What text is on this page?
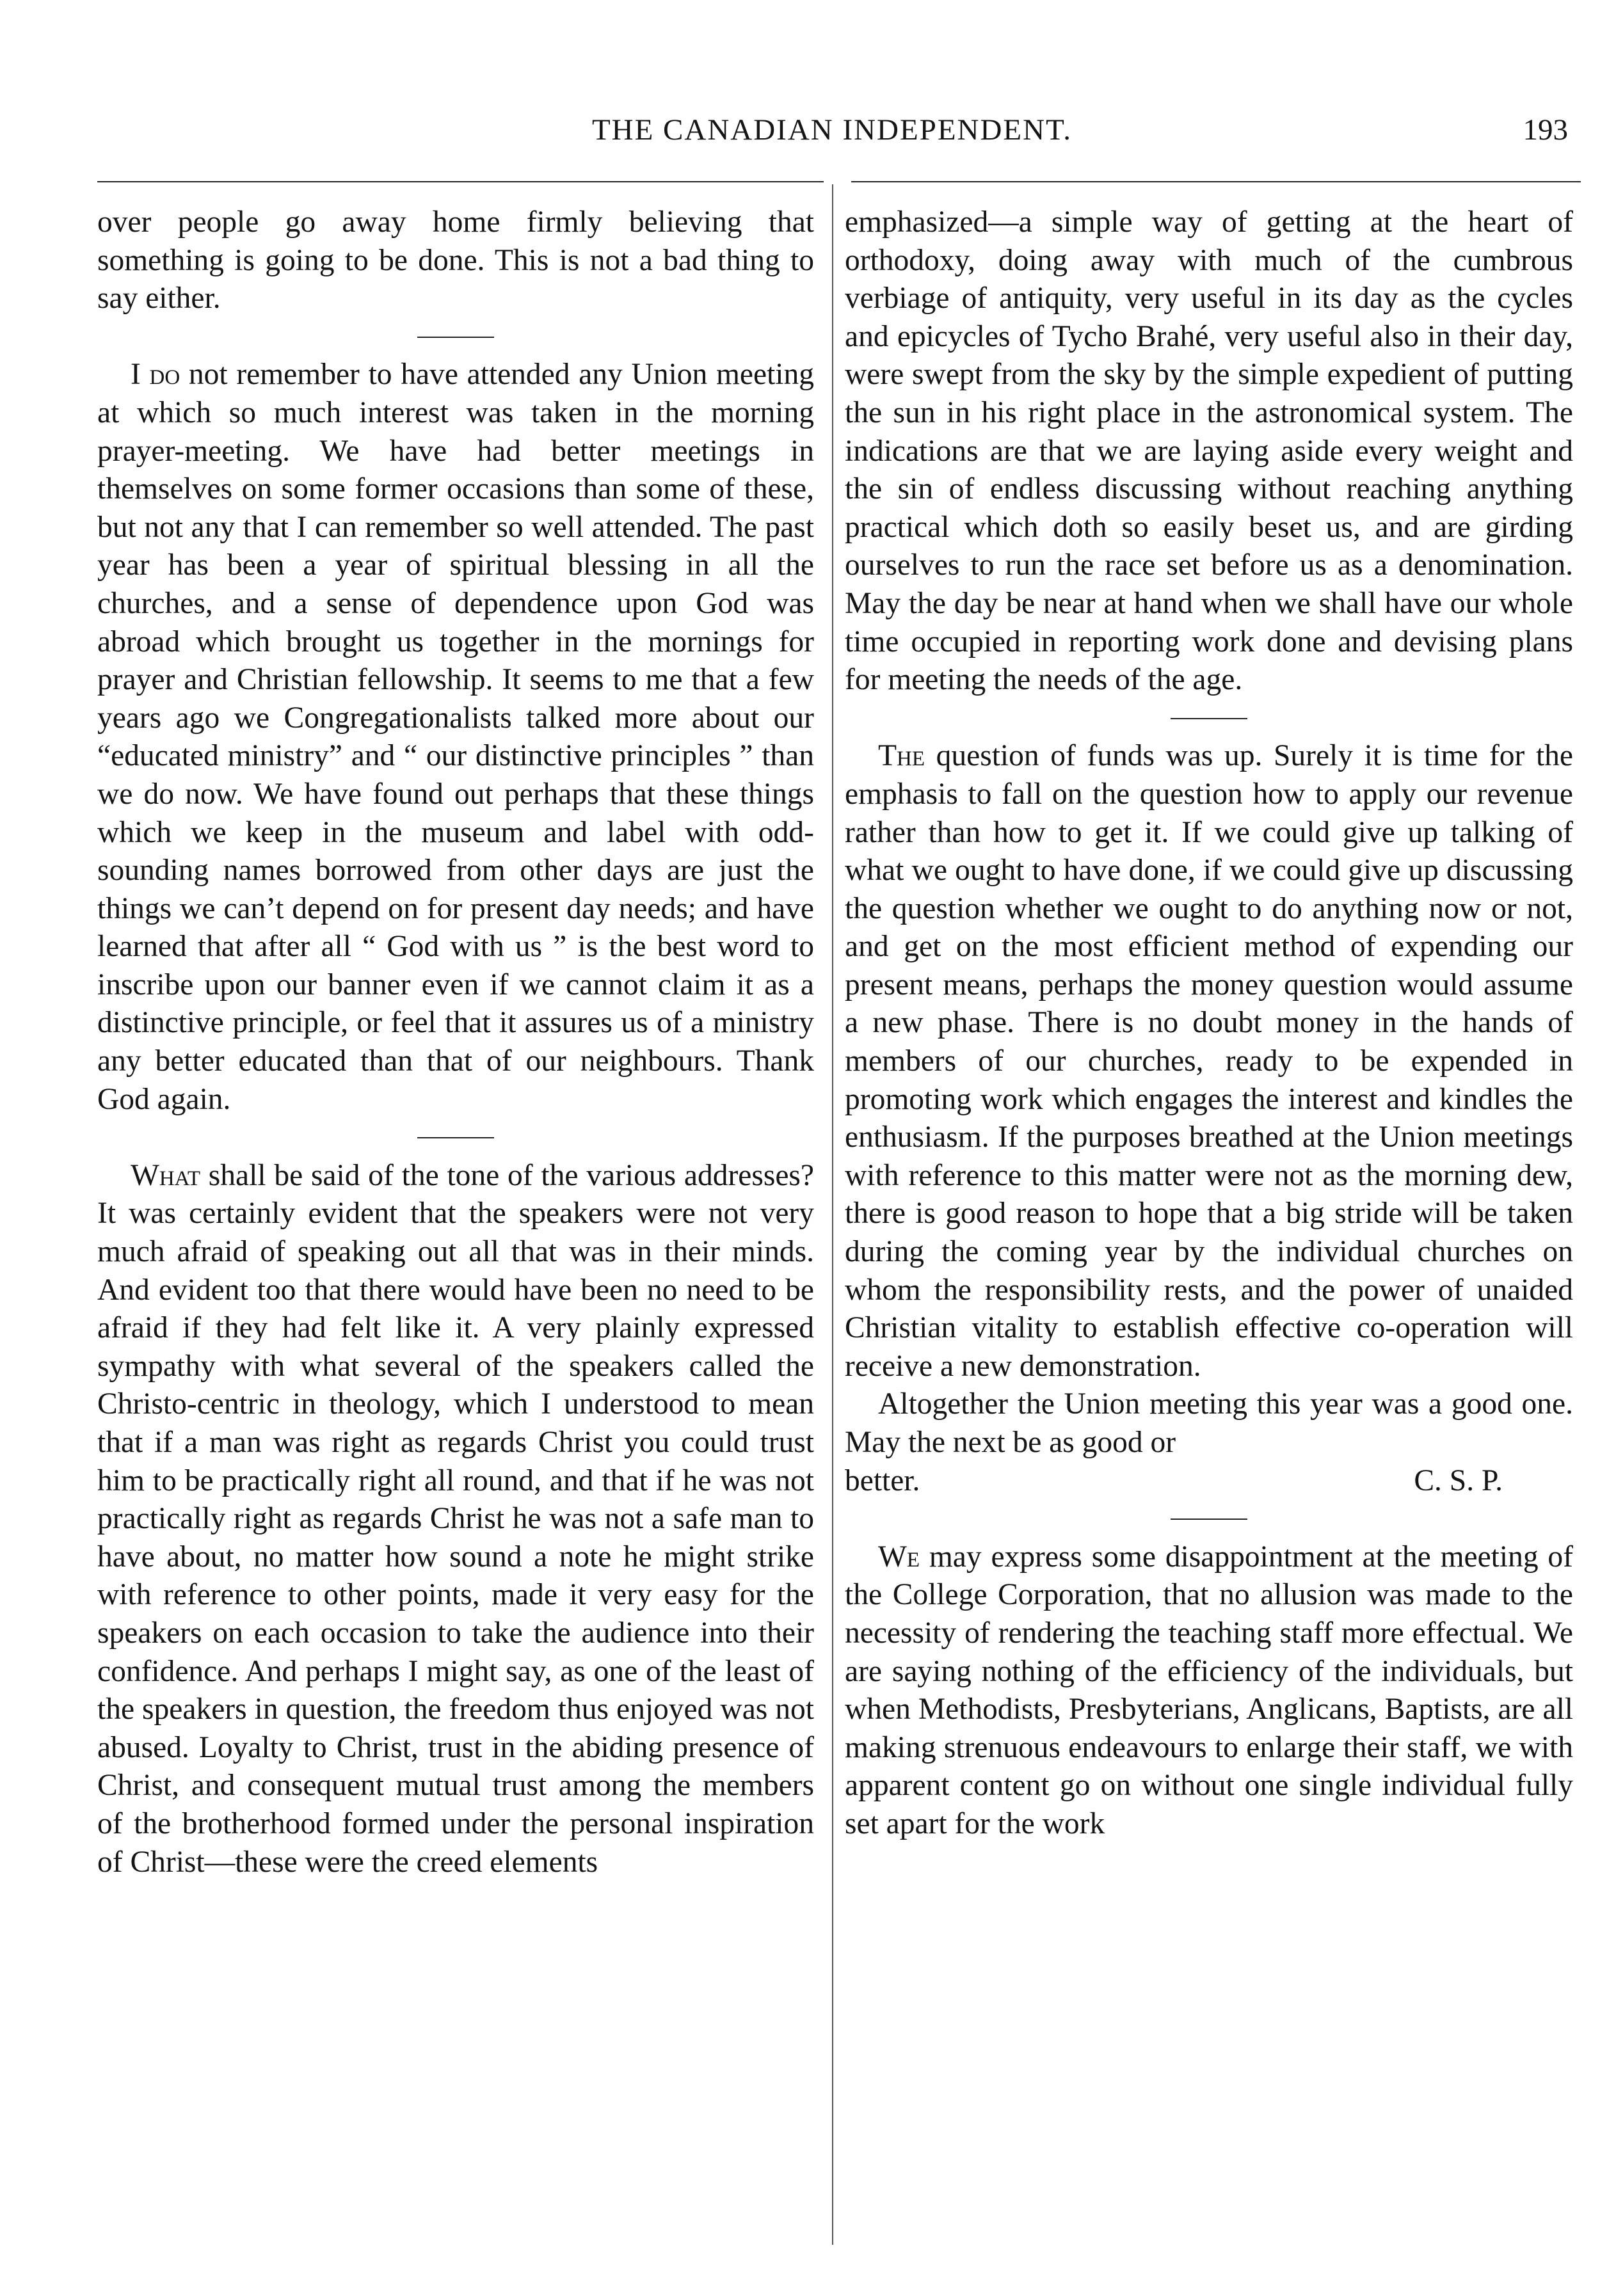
THE CANADIAN INDEPENDENT.	193

over people go away home firmly believing that something is going to be done. This is not a bad thing to say either.

I do not remember to have attended any Union meeting at which so much interest was taken in the morning prayer-meeting. We have had better meetings in themselves on some former occasions than some of these, but not any that I can remember so well attended. The past year has been a year of spiritual blessing in all the churches, and a sense of dependence upon God was abroad which brought us together in the mornings for prayer and Christian fellowship. It seems to me that a few years ago we Congregationalists talked more about our “educated ministry” and “ our distinctive principles ” than we do now. We have found out perhaps that these things which we keep in the museum and label with odd-sounding names borrowed from other days are just the things we can’t depend on for present day needs; and have learned that after all “ God with us ” is the best word to inscribe upon our banner even if we cannot claim it as a distinctive principle, or feel that it assures us of a ministry any better educated than that of our neighbours. Thank God again.

What shall be said of the tone of the various addresses? It was certainly evident that the speakers were not very much afraid of speaking out all that was in their minds. And evident too that there would have been no need to be afraid if they had felt like it. A very plainly expressed sympathy with what several of the speakers called the Christo-centric in theology, which I understood to mean that if a man was right as regards Christ you could trust him to be practically right all round, and that if he was not practically right as regards Christ he was not a safe man to have about, no matter how sound a note he might strike with reference to other points, made it very easy for the speakers on each occasion to take the audience into their confidence. And perhaps I might say, as one of the least of the speakers in question, the freedom thus enjoyed was not abused. Loyalty to Christ, trust in the abiding presence of Christ, and consequent mutual trust among the members of the brotherhood formed under the personal inspiration of Christ—these were the creed elements

emphasized—a simple way of getting at the heart of orthodoxy, doing away with much of the cumbrous verbiage of antiquity, very useful in its day as the cycles and epicycles of Tycho Brahé, very useful also in their day, were swept from the sky by the simple expedient of putting the sun in his right place in the astronomical system. The indications are that we are laying aside every weight and the sin of endless discussing without reaching anything practical which doth so easily beset us, and are girding ourselves to run the race set before us as a denomination. May the day be near at hand when we shall have our whole time occupied in reporting work done and devising plans for meeting the needs of the age.

The question of funds was up. Surely it is time for the emphasis to fall on the question how to apply our revenue rather than how to get it. If we could give up talking of what we ought to have done, if we could give up discussing the question whether we ought to do anything now or not, and get on the most efficient method of expending our present means, perhaps the money question would assume a new phase. There is no doubt money in the hands of members of our churches, ready to be expended in promoting work which engages the interest and kindles the enthusiasm. If the purposes breathed at the Union meetings with reference to this matter were not as the morning dew, there is good reason to hope that a big stride will be taken during the coming year by the individual churches on whom the responsibility rests, and the power of unaided Christian vitality to establish effective co-operation will receive a new demonstration.

Altogether the Union meeting this year was a good one. May the next be as good or

better.	C. S. P.

We may express some disappointment at the meeting of the College Corporation, that no allusion was made to the necessity of rendering the teaching staff more effectual. We are saying nothing of the efficiency of the individuals, but when Methodists, Presbyterians, Anglicans, Baptists, are all making strenuous endeavours to enlarge their staff, we with apparent content go on without one single individual fully set apart for the work
